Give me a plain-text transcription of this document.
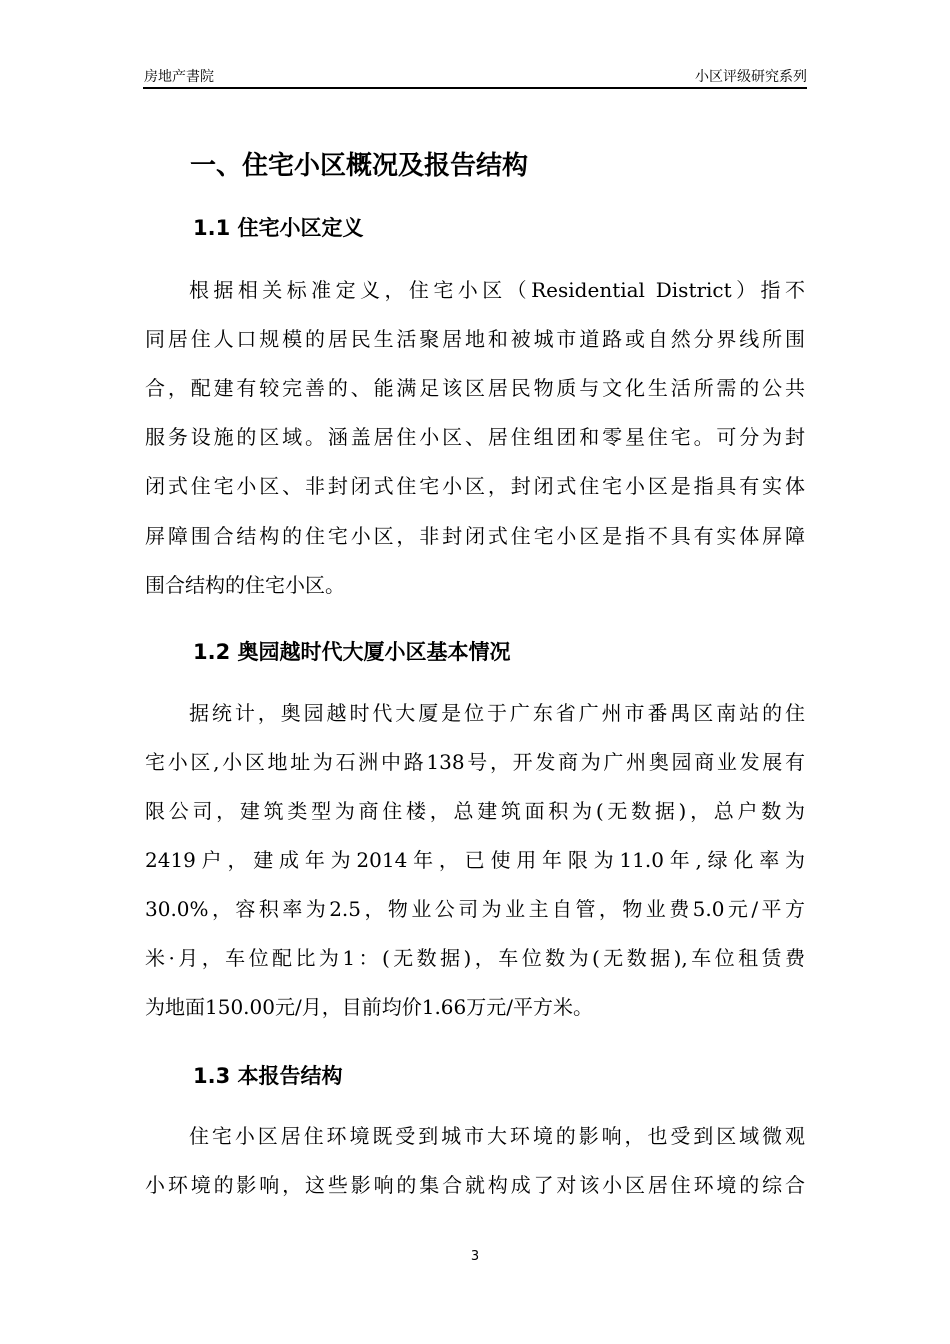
房地产書院	小区评级研究系列
一、住宅小区概况及报告结构
1.1 住宅小区定义
根据相关标准定义，住宅小区（Residential District）指不
同居住人口规模的居民生活聚居地和被城市道路或自然分界线所围
合，配建有较完善的、能满足该区居民物质与文化生活所需的公共
服务设施的区域。涵盖居住小区、居住组团和零星住宅。可分为封
闭式住宅小区、非封闭式住宅小区，封闭式住宅小区是指具有实体
屏障围合结构的住宅小区，非封闭式住宅小区是指不具有实体屏障
围合结构的住宅小区。
1.2 奥园越时代大厦小区基本情况
据统计，奥园越时代大厦是位于广东省广州市番禺区南站的住
宅小区,小区地址为石洲中路138号，开发商为广州奥园商业发展有
限公司，建筑类型为商住楼，总建筑面积为(无数据)，总户数为
2419户，建成年为2014年，已使用年限为11.0年,绿化率为
30.0%，容积率为2.5，物业公司为业主自管，物业费5.0元/平方
米·月，车位配比为1：(无数据)，车位数为(无数据),车位租赁费
为地面150.00元/月，目前均价1.66万元/平方米。
1.3 本报告结构
住宅小区居住环境既受到城市大环境的影响，也受到区域微观
小环境的影响，这些影响的集合就构成了对该小区居住环境的综合
3
